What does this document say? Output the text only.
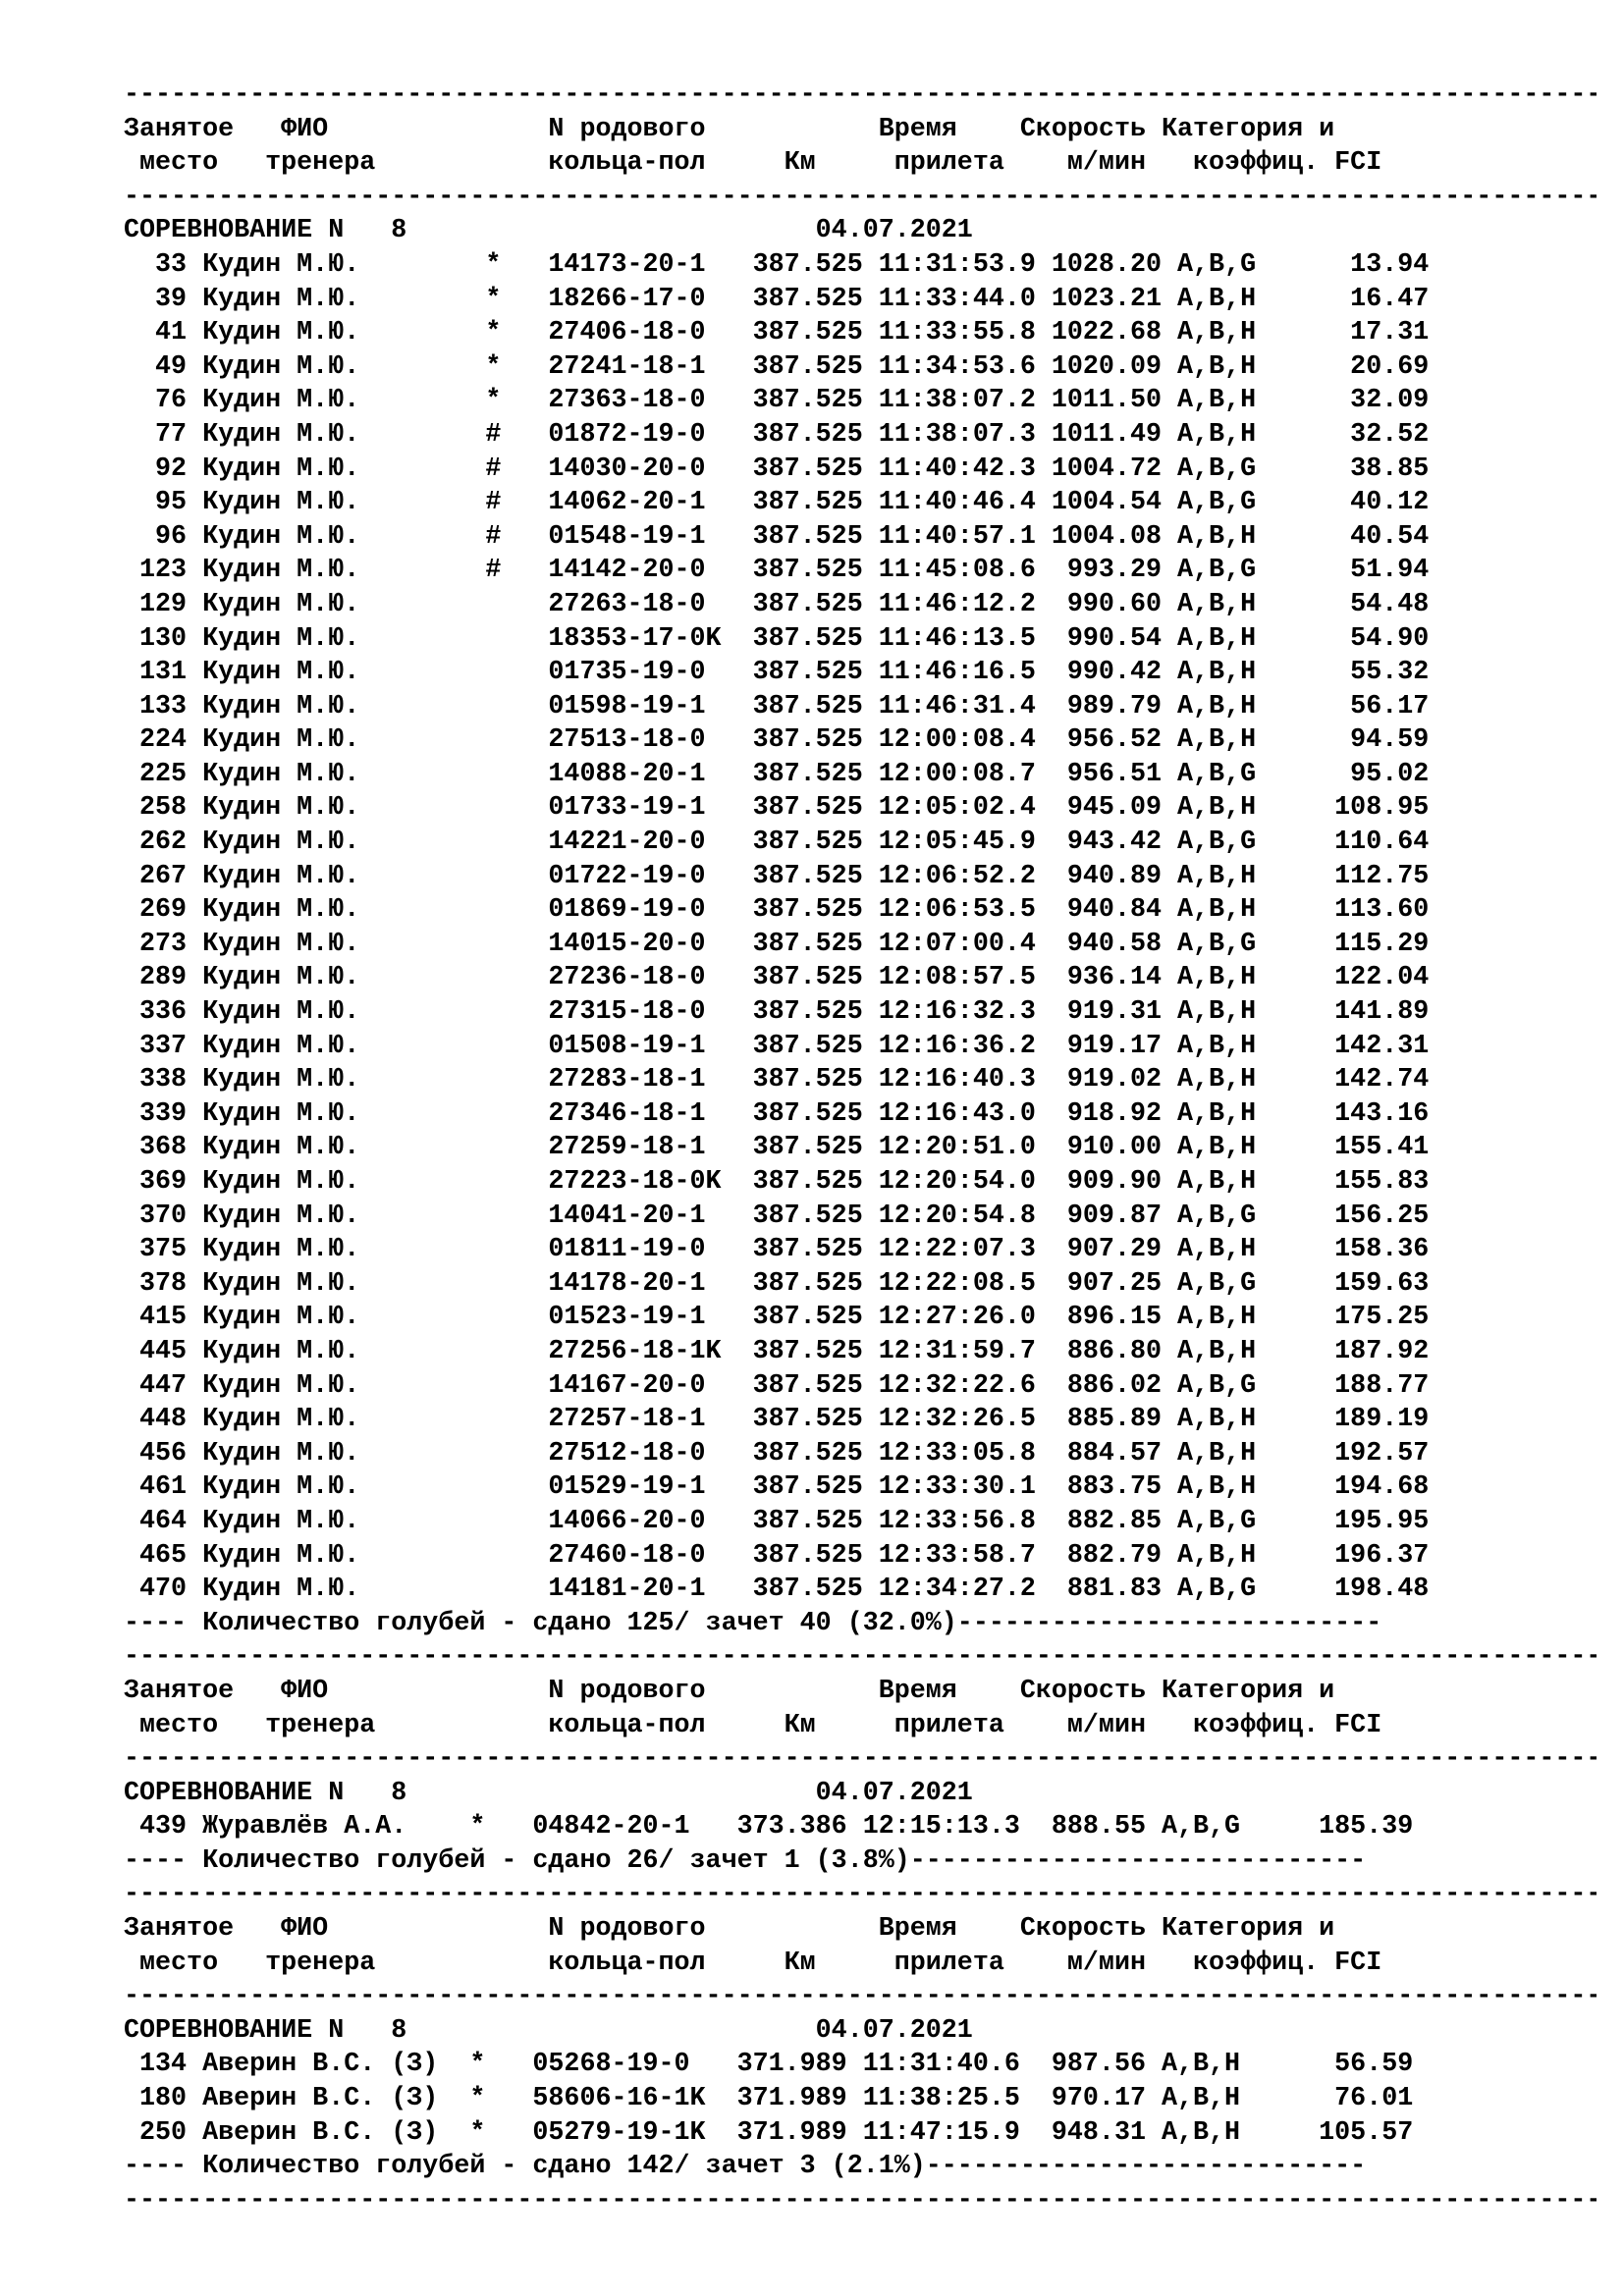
-----
Занятое   ФИО              N родового           Время    Скорость Категория и
место   тренера           кольца-пол     Км     прилета    м/мин   коэффиц. FCI
-----
СОРЕВНОВАНИЕ N   8                          04.07.2021
33 Кудин М.Ю.        *   14173-20-1   387.525 11:31:53.9 1028.20 A,B,G      13.94
39 Кудин М.Ю.        *   18266-17-0   387.525 11:33:44.0 1023.21 A,B,H      16.47
41 Кудин М.Ю.        *   27406-18-0   387.525 11:33:55.8 1022.68 A,B,H      17.31
49 Кудин М.Ю.        *   27241-18-1   387.525 11:34:53.6 1020.09 A,B,H      20.69
76 Кудин М.Ю.        *   27363-18-0   387.525 11:38:07.2 1011.50 A,B,H      32.09
77 Кудин М.Ю.        #   01872-19-0   387.525 11:38:07.3 1011.49 A,B,H      32.52
92 Кудин М.Ю.        #   14030-20-0   387.525 11:40:42.3 1004.72 A,B,G      38.85
95 Кудин М.Ю.        #   14062-20-1   387.525 11:40:46.4 1004.54 A,B,G      40.12
96 Кудин М.Ю.        #   01548-19-1   387.525 11:40:57.1 1004.08 A,B,H      40.54
123 Кудин М.Ю.        #   14142-20-0   387.525 11:45:08.6  993.29 A,B,G      51.94
129 Кудин М.Ю.            27263-18-0   387.525 11:46:12.2  990.60 A,B,H      54.48
130 Кудин М.Ю.            18353-17-0K  387.525 11:46:13.5  990.54 A,B,H      54.90
131 Кудин М.Ю.            01735-19-0   387.525 11:46:16.5  990.42 A,B,H      55.32
133 Кудин М.Ю.            01598-19-1   387.525 11:46:31.4  989.79 A,B,H      56.17
224 Кудин М.Ю.            27513-18-0   387.525 12:00:08.4  956.52 A,B,H      94.59
225 Кудин М.Ю.            14088-20-1   387.525 12:00:08.7  956.51 A,B,G      95.02
258 Кудин М.Ю.            01733-19-1   387.525 12:05:02.4  945.09 A,B,H     108.95
262 Кудин М.Ю.            14221-20-0   387.525 12:05:45.9  943.42 A,B,G     110.64
267 Кудин М.Ю.            01722-19-0   387.525 12:06:52.2  940.89 A,B,H     112.75
269 Кудин М.Ю.            01869-19-0   387.525 12:06:53.5  940.84 A,B,H     113.60
273 Кудин М.Ю.            14015-20-0   387.525 12:07:00.4  940.58 A,B,G     115.29
289 Кудин М.Ю.            27236-18-0   387.525 12:08:57.5  936.14 A,B,H     122.04
336 Кудин М.Ю.            27315-18-0   387.525 12:16:32.3  919.31 A,B,H     141.89
337 Кудин М.Ю.            01508-19-1   387.525 12:16:36.2  919.17 A,B,H     142.31
338 Кудин М.Ю.            27283-18-1   387.525 12:16:40.3  919.02 A,B,H     142.74
339 Кудин М.Ю.            27346-18-1   387.525 12:16:43.0  918.92 A,B,H     143.16
368 Кудин М.Ю.            27259-18-1   387.525 12:20:51.0  910.00 A,B,H     155.41
369 Кудин М.Ю.            27223-18-0K  387.525 12:20:54.0  909.90 A,B,H     155.83
370 Кудин М.Ю.            14041-20-1   387.525 12:20:54.8  909.87 A,B,G     156.25
375 Кудин М.Ю.            01811-19-0   387.525 12:22:07.3  907.29 A,B,H     158.36
378 Кудин М.Ю.            14178-20-1   387.525 12:22:08.5  907.25 A,B,G     159.63
415 Кудин М.Ю.            01523-19-1   387.525 12:27:26.0  896.15 A,B,H     175.25
445 Кудин М.Ю.            27256-18-1K  387.525 12:31:59.7  886.80 A,B,H     187.92
447 Кудин М.Ю.            14167-20-0   387.525 12:32:22.6  886.02 A,B,G     188.77
448 Кудин М.Ю.            27257-18-1   387.525 12:32:26.5  885.89 A,B,H     189.19
456 Кудин М.Ю.            27512-18-0   387.525 12:33:05.8  884.57 A,B,H     192.57
461 Кудин М.Ю.            01529-19-1   387.525 12:33:30.1  883.75 A,B,H     194.68
464 Кудин М.Ю.            14066-20-0   387.525 12:33:56.8  882.85 A,B,G     195.95
465 Кудин М.Ю.            27460-18-0   387.525 12:33:58.7  882.79 A,B,H     196.37
470 Кудин М.Ю.            14181-20-1   387.525 12:34:27.2  881.83 A,B,G     198.48
---- Количество голубей - сдано 125/ зачет 40 (32.0%)---------------------------
-----
Занятое   ФИО              N родового           Время    Скорость Категория и
место   тренера           кольца-пол     Км     прилета    м/мин   коэффиц. FCI
-----
СОРЕВНОВАНИЕ N   8                          04.07.2021
439 Журавлёв А.А.    *   04842-20-1   373.386 12:15:13.3  888.55 A,B,G     185.39
---- Количество голубей - сдано 26/ зачет 1 (3.8%)-----------------------------
-----
Занятое   ФИО              N родового           Время    Скорость Категория и
место   тренера           кольца-пол     Км     прилета    м/мин   коэффиц. FCI
-----
СОРЕВНОВАНИЕ N   8                          04.07.2021
134 Аверин В.С. (З)  *   05268-19-0   371.989 11:31:40.6  987.56 A,B,H      56.59
180 Аверин В.С. (З)  *   58606-16-1K  371.989 11:38:25.5  970.17 A,B,H      76.01
250 Аверин В.С. (З)  *   05279-19-1K  371.989 11:47:15.9  948.31 A,B,H     105.57
---- Количество голубей - сдано 142/ зачет 3 (2.1%)----------------------------
-----
